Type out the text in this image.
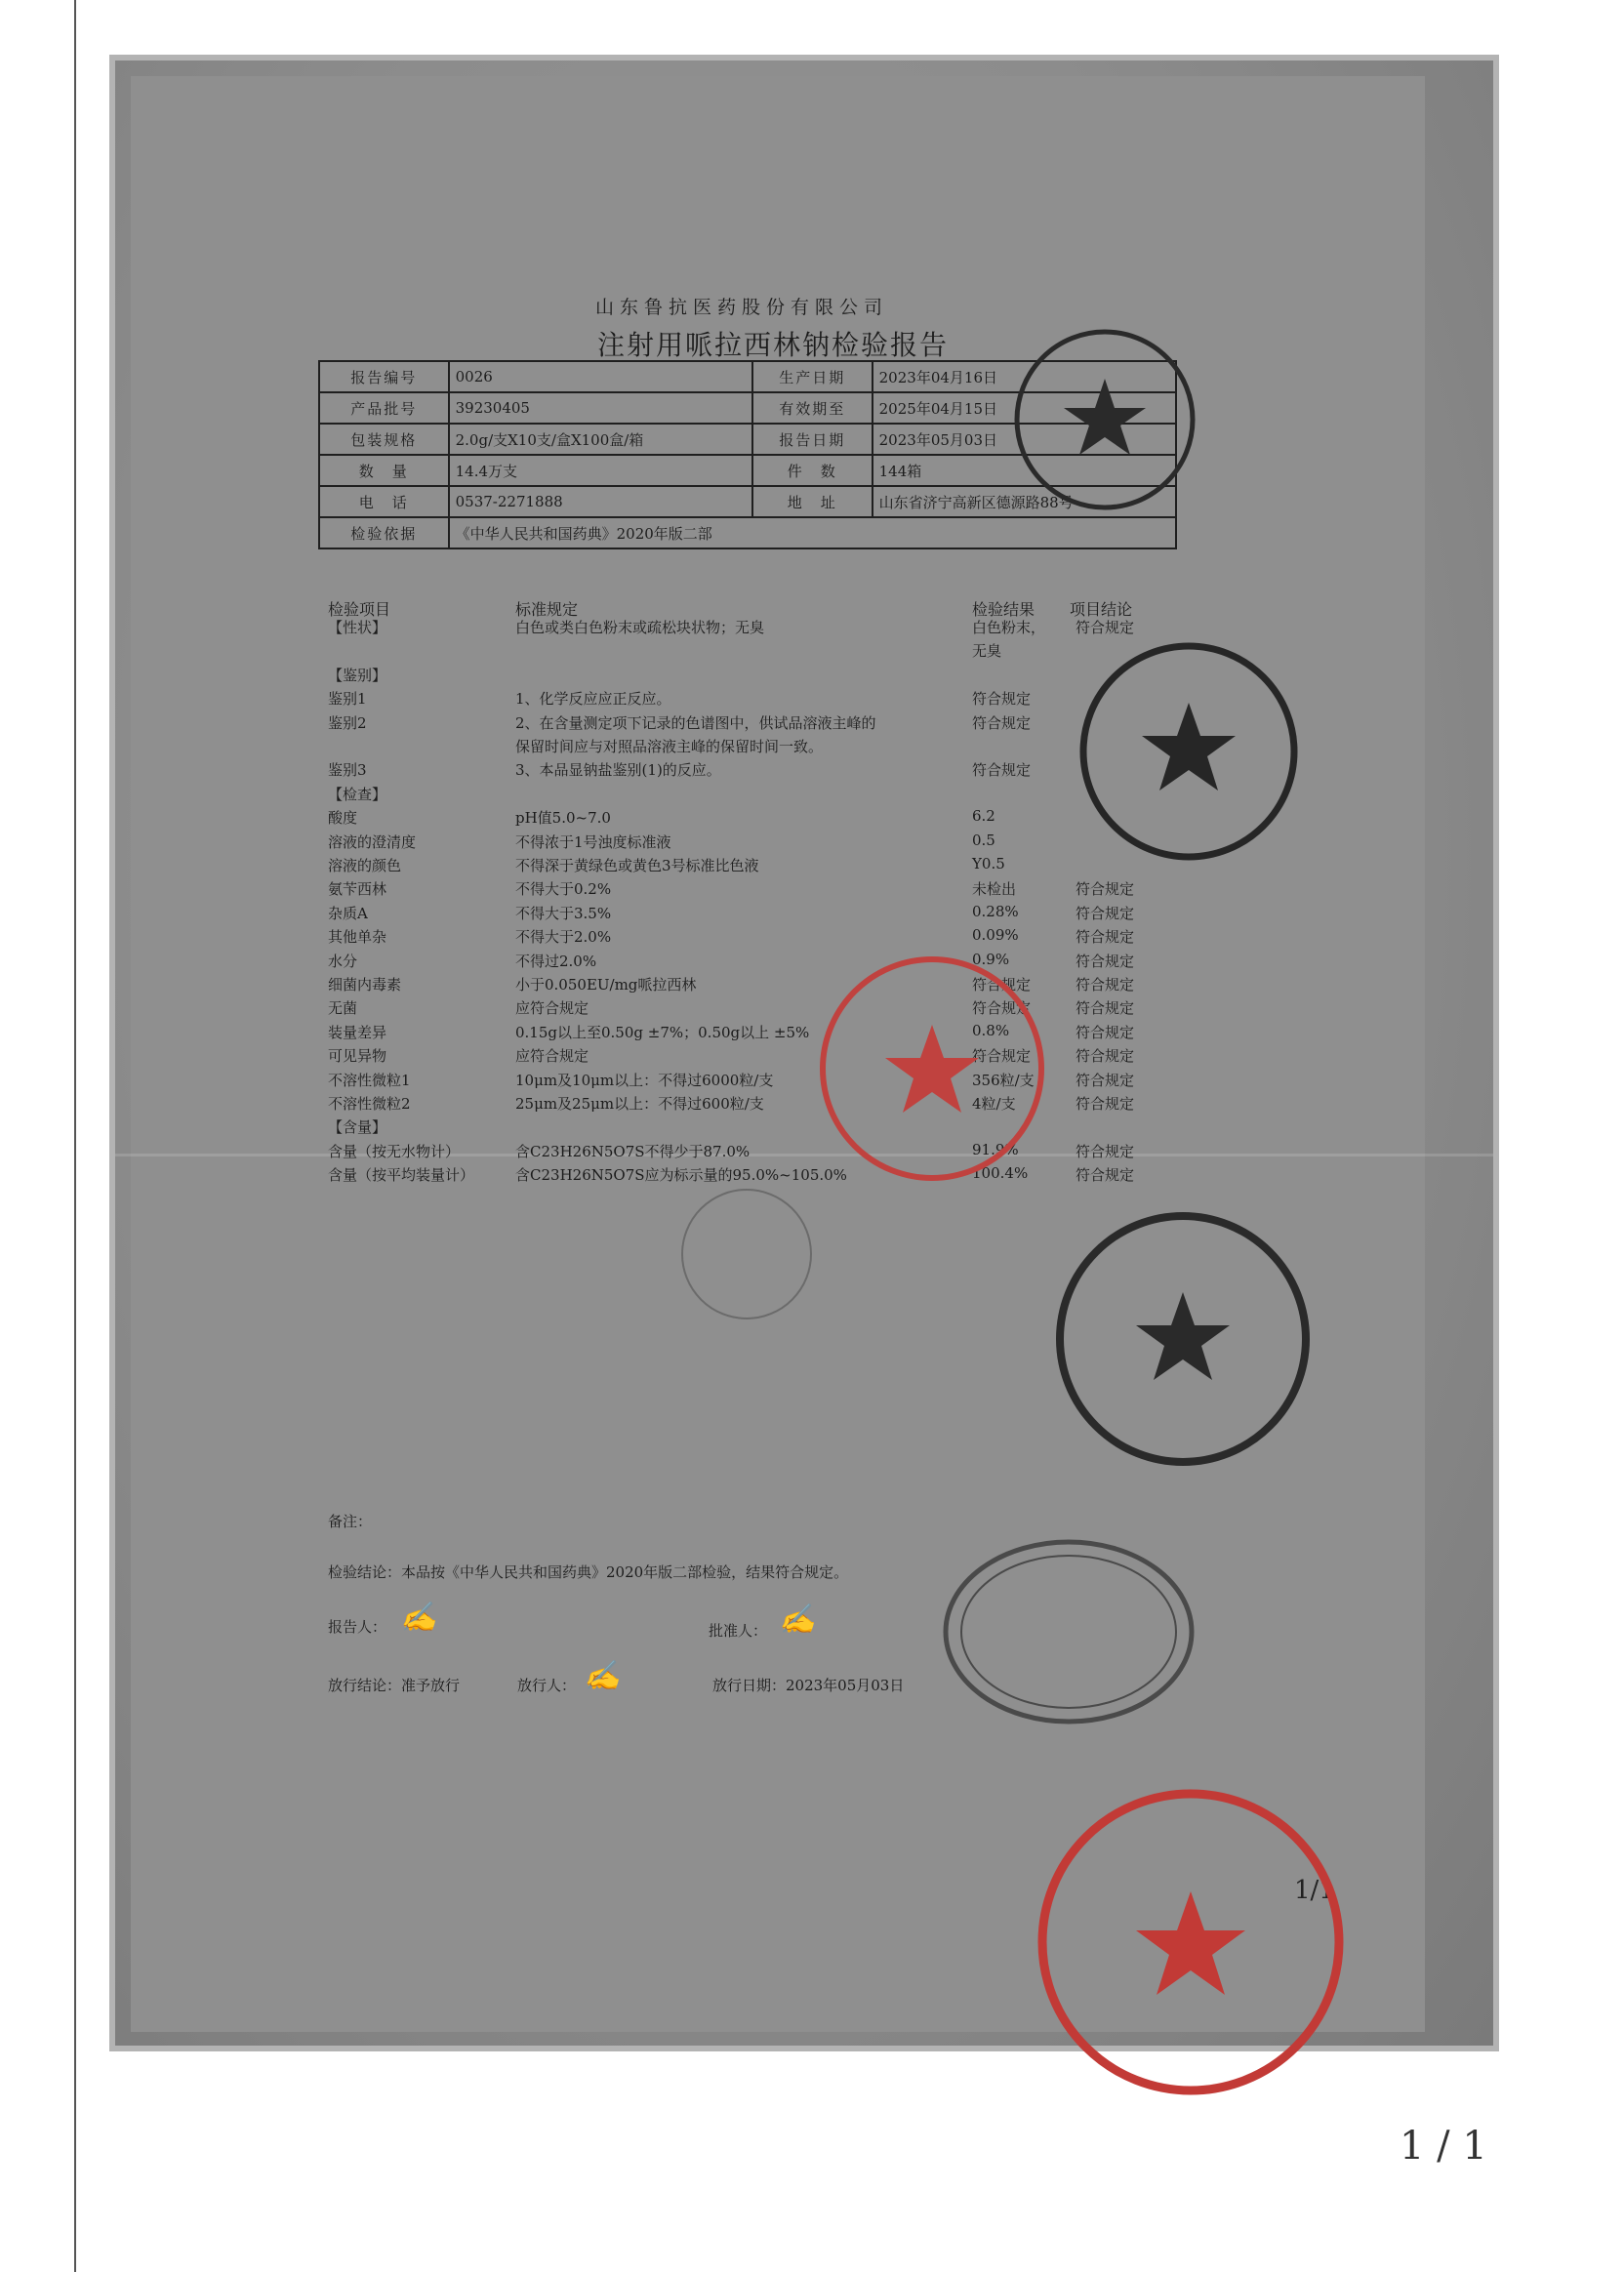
山东鲁抗医药股份有限公司
注射用哌拉西林钠检验报告
报告编号	0026	生产日期	2023年04月16日
产品批号	39230405	有效期至	2025年04月15日
包装规格	2.0g/支X10支/盒X100盒/箱	报告日期	2023年05月03日
数　量	14.4万支	件　数	144箱
电　话	0537-2271888	地　址	山东省济宁高新区德源路88号
检验依据	《中华人民共和国药典》2020年版二部		
检验项目	标准规定	检验结果 项目结论
【性状】	白色或类白色粉末或疏松块状物；无臭	白色粉末， 符合规定
无臭
【鉴别】
鉴别1	1、化学反应应正反应。	符合规定
鉴别2	2、在含量测定项下记录的色谱图中，供试品溶液主峰的	符合规定
保留时间应与对照品溶液主峰的保留时间一致。
鉴别3	3、本品显钠盐鉴别(1)的反应。	符合规定
【检查】
酸度	pH值5.0~7.0	6.2
溶液的澄清度	不得浓于1号浊度标准液	0.5
溶液的颜色	不得深于黄绿色或黄色3号标准比色液	Y0.5
氨苄西林	不得大于0.2%	未检出	符合规定
杂质A	不得大于3.5%	0.28%	符合规定
其他单杂	不得大于2.0%	0.09%	符合规定
水分	不得过2.0%	0.9%	符合规定
细菌内毒素	小于0.050EU/mg哌拉西林	符合规定	符合规定
无菌	应符合规定	符合规定	符合规定
装量差异	0.15g以上至0.50g ±7%；0.50g以上 ±5%	0.8%	符合规定
可见异物	应符合规定	符合规定	符合规定
不溶性微粒1	10μm及10μm以上：不得过6000粒/支	356粒/支	符合规定
不溶性微粒2	25μm及25μm以上：不得过600粒/支	4粒/支	符合规定
【含量】
含量（按无水物计）	含C23H26N5O7S不得少于87.0%	91.9%	符合规定
含量（按平均装量计）	含C23H26N5O7S应为标示量的95.0%~105.0%	100.4%	符合规定
备注：
检验结论：本品按《中华人民共和国药典》2020年版二部检验，结果符合规定。
报告人： ✍	批准人： ✍
放行结论：准予放行	放行人： ✍	放行日期：2023年05月03日
1/1
1 / 1
